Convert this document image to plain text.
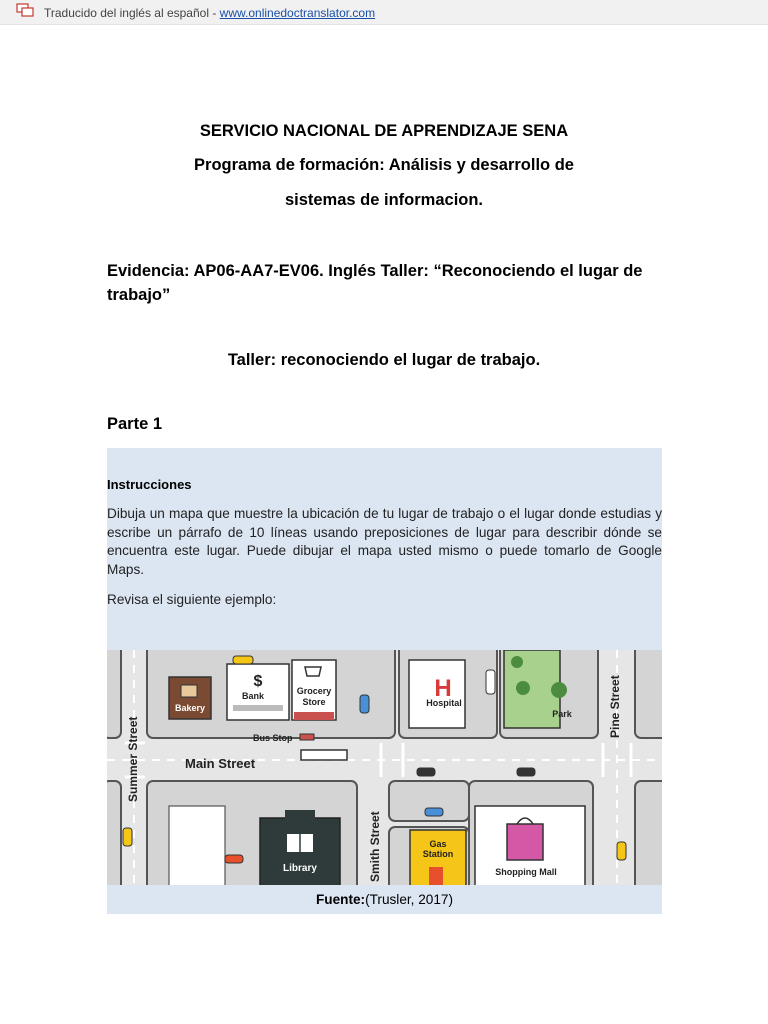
Traducido del inglés al español - www.onlinedoctranslator.com
SERVICIO NACIONAL DE APRENDIZAJE SENA
Programa de formación: Análisis y desarrollo de
sistemas de informacion.
Evidencia: AP06-AA7-EV06. Inglés Taller: “Reconociendo el lugar de trabajo”
Taller: reconociendo el lugar de trabajo.
Parte 1
Instrucciones
Dibuja un mapa que muestre la ubicación de tu lugar de trabajo o el lugar donde estudias y escribe un párrafo de 10 líneas usando preposiciones de lugar para describir dónde se encuentra este lugar. Puede dibujar el mapa usted mismo o puede tomarlo de Google Maps.
Revisa el siguiente ejemplo:
Bakery
$
Bank	Grocery
Store
Bus Stop
H
Hospital
Park
Library
Gas
Station
Shopping Mall
Main Street
Summer Street
Smith Street
Pine Street
Fuente:(Trusler, 2017)
